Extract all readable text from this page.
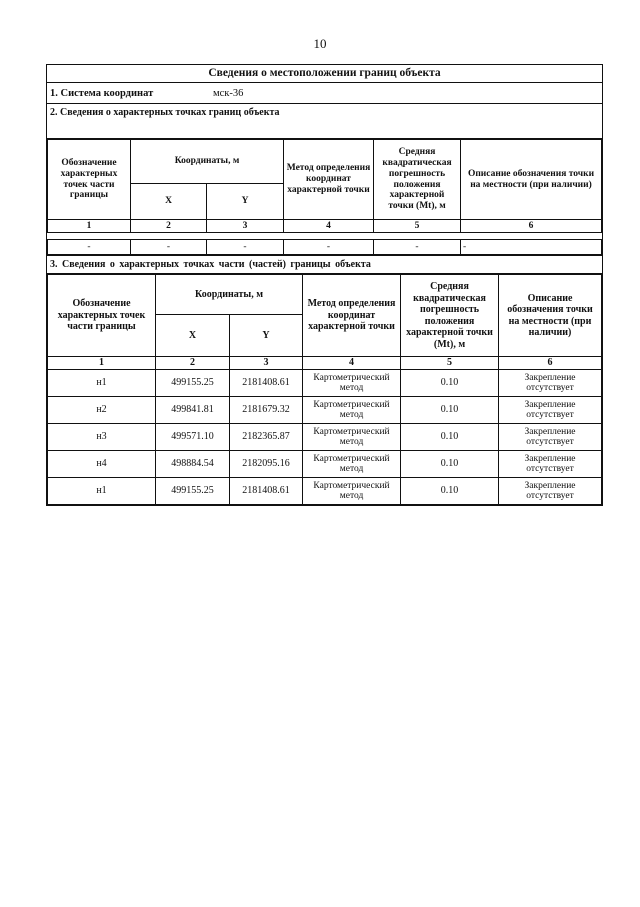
10
Сведения о местоположении границ объекта
1. Система координат	мск-36
2. Сведения о характерных точках границ объекта
Обозначение характерных точек части границы	Координаты, м		Метод определения координат характерной точки	Средняя квадратическая погрешность положения характерной точки (Mt), м	Описание обозначения точки на местности (при наличии)
	X	Y			
1	2	3	4	5	6

-	-	-	-	-	-
3. Сведения о характерных точках части (частей) границы объекта
Обозначение характерных точек части границы	Координаты, м		Метод определения координат характерной точки	Средняя квадратическая погрешность положения характерной точки (Mt), м	Описание обозначения точки на местности (при наличии)
	X	Y			
1	2	3	4	5	6
н1	499155.25	2181408.61	Картометрический метод	0.10	Закрепление отсутствует
н2	499841.81	2181679.32	Картометрический метод	0.10	Закрепление отсутствует
н3	499571.10	2182365.87	Картометрический метод	0.10	Закрепление отсутствует
н4	498884.54	2182095.16	Картометрический метод	0.10	Закрепление отсутствует
н1	499155.25	2181408.61	Картометрический метод	0.10	Закрепление отсутствует
